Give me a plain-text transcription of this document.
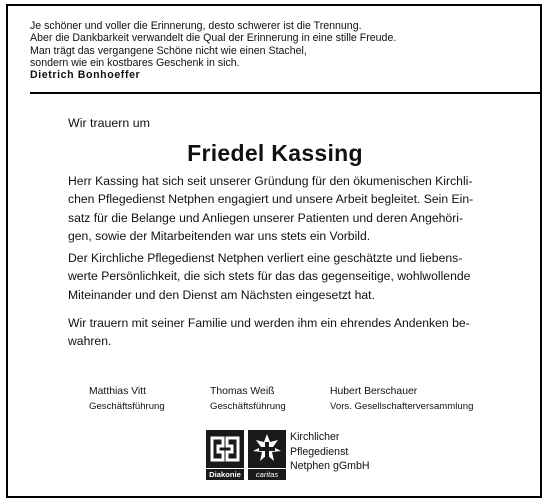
Je schöner und voller die Erinnerung, desto schwerer ist die Trennung.
Aber die Dankbarkeit verwandelt die Qual der Erinnerung in eine stille Freude.
Man trägt das vergangene Schöne nicht wie einen Stachel,
sondern wie ein kostbares Geschenk in sich.
Dietrich Bonhoeffer
Wir trauern um
Friedel Kassing
Herr Kassing hat sich seit unserer Gründung für den ökumenischen Kirchli-
chen Pflegedienst Netphen engagiert und unsere Arbeit begleitet. Sein Ein-
satz für die Belange und Anliegen unserer Patienten und deren Angehöri-
gen, sowie der Mitarbeitenden war uns stets ein Vorbild.
Der Kirchliche Pflegedienst Netphen verliert eine geschätzte und liebens-
werte Persönlichkeit, die sich stets für das das gegenseitige, wohlwollende
Miteinander und den Dienst am Nächsten eingesetzt hat.
Wir trauern mit seiner Familie und werden ihm ein ehrendes Andenken be-
wahren.
Matthias Vitt
Geschäftsführung
Thomas Weiß
Geschäftsführung
Hubert Berschauer
Vors. Gesellschafterversammlung
Diakonie	caritas
Kirchlicher
Pflegedienst
Netphen gGmbH
